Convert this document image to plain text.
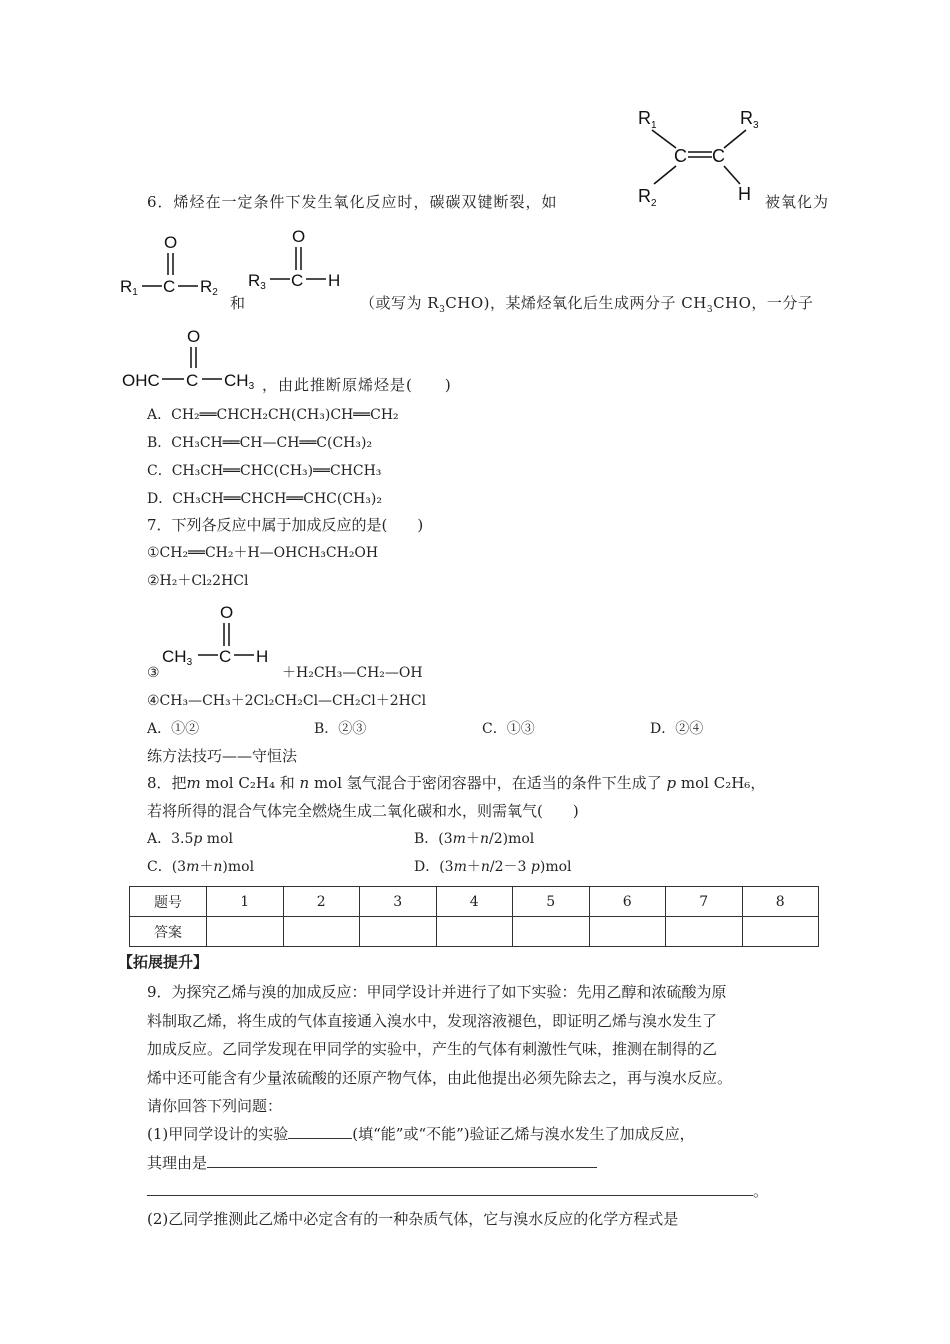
$R_1$	$R_3$
C C
$R_2$	H
6．烯烃在一定条件下发生氧化反应时，碳碳双键断裂，如	被氧化为
O
R1 C R2
和
O
R3 C H
（或写为 $R_3CHO$)，某烯烃氧化后生成两分子 $CH_3CHO$，一分子
O
OHC C CH3 ，由此推断原烯烃是(　　)
A．CH₂══CHCH₂CH(CH₃)CH══CH₂
B．CH₃CH══CH—CH══C(CH₃)₂
C．CH₃CH══CHC(CH₃)══CHCH₃
D．CH₃CH══CHCH══CHC(CH₃)₂
7．下列各反应中属于加成反应的是(　　)
①CH₂══CH₂＋H—OHCH₃CH₂OH
②H₂＋Cl₂2HCl
O
CH3 C H
③	＋H₂CH₃—CH₂—OH
④CH₃—CH₃＋2Cl₂CH₂Cl—CH₂Cl＋2HCl
A．①②	B．②③	C．①③	D．②④
练方法技巧——守恒法
8．把m mol C₂H₄ 和 n mol 氢气混合于密闭容器中，在适当的条件下生成了 p mol C₂H₆，
若将所得的混合气体完全燃烧生成二氧化碳和水，则需氧气(　　)
A．3.5p mol	B．(3m＋n/2)mol
C．(3m＋n)mol	D．(3m＋n/2－3 p)mol
题号	1	2	3	4	5	6	7	8
答案								
【拓展提升】
9．为探究乙烯与溴的加成反应：甲同学设计并进行了如下实验：先用乙醇和浓硫酸为原
料制取乙烯，将生成的气体直接通入溴水中，发现溶液褪色，即证明乙烯与溴水发生了
加成反应。乙同学发现在甲同学的实验中，产生的气体有刺激性气味，推测在制得的乙
烯中还可能含有少量浓硫酸的还原产物气体，由此他提出必须先除去之，再与溴水反应。
请你回答下列问题：
(1)甲同学设计的实验	(填“能”或“不能”)验证乙烯与溴水发生了加成反应，
其理由是
。
(2)乙同学推测此乙烯中必定含有的一种杂质气体，它与溴水反应的化学方程式是
